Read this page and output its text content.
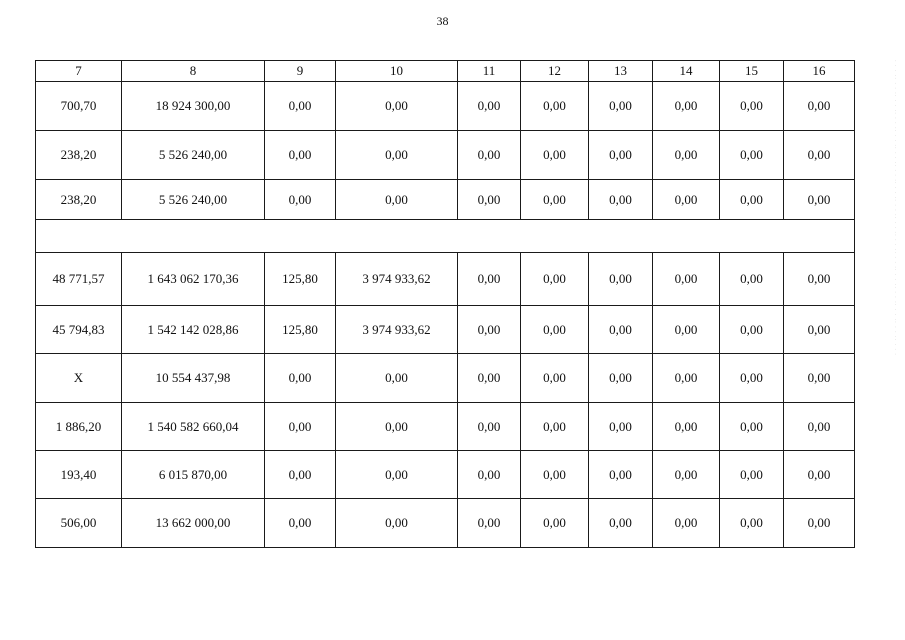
38
7	8	9	10	11	12	13	14	15	16
700,70	18 924 300,00	0,00	0,00	0,00	0,00	0,00	0,00	0,00	0,00
238,20	5 526 240,00	0,00	0,00	0,00	0,00	0,00	0,00	0,00	0,00
238,20	5 526 240,00	0,00	0,00	0,00	0,00	0,00	0,00	0,00	0,00

48 771,57	1 643 062 170,36	125,80	3 974 933,62	0,00	0,00	0,00	0,00	0,00	0,00
45 794,83	1 542 142 028,86	125,80	3 974 933,62	0,00	0,00	0,00	0,00	0,00	0,00
X	10 554 437,98	0,00	0,00	0,00	0,00	0,00	0,00	0,00	0,00
1 886,20	1 540 582 660,04	0,00	0,00	0,00	0,00	0,00	0,00	0,00	0,00
193,40	6 015 870,00	0,00	0,00	0,00	0,00	0,00	0,00	0,00	0,00
506,00	13 662 000,00	0,00	0,00	0,00	0,00	0,00	0,00	0,00	0,00
· · · ·· · · ·· · · ·· · · ·· · · ·· · · ·· · · ·· · · ·· · · ·· · · ·· · · ·· · · ·· · · ·· · · ·· · · ·· · · ·· · · ·
